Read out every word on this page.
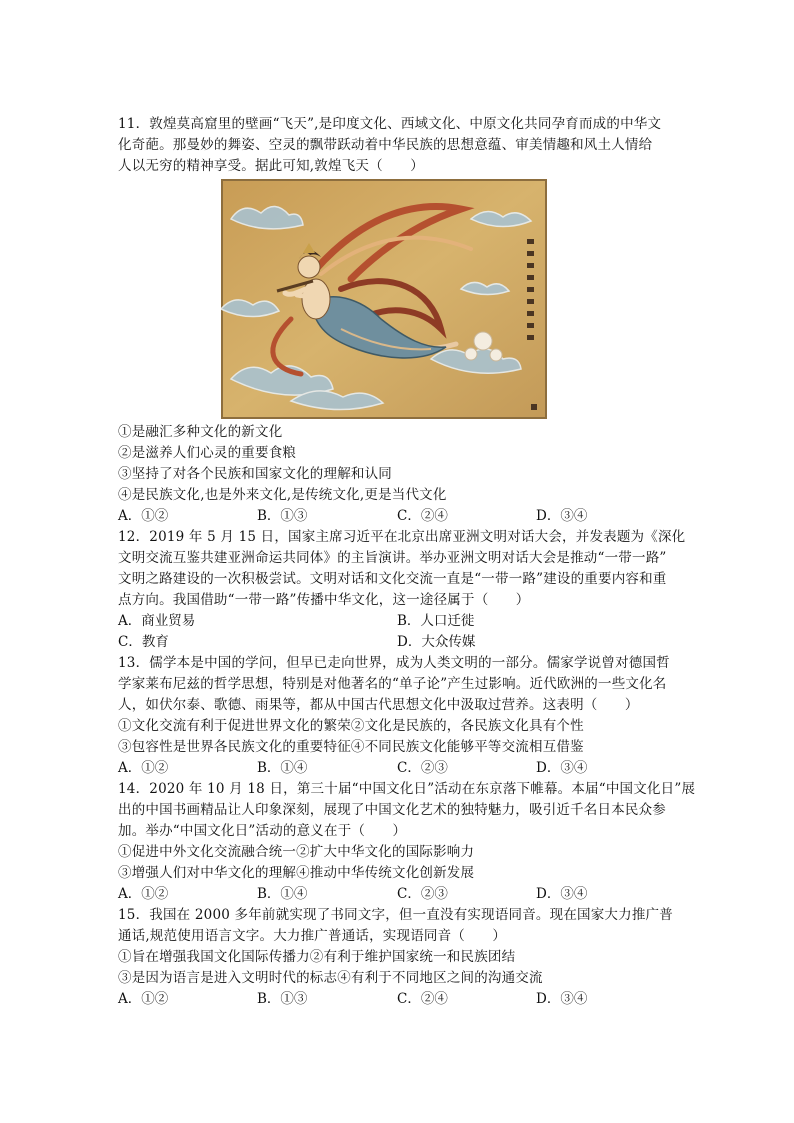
11．敦煌莫高窟里的壁画“飞天”,是印度文化、西域文化、中原文化共同孕育而成的中华文
化奇葩。那曼妙的舞姿、空灵的飘带跃动着中华民族的思想意蕴、审美情趣和风土人情给
人以无穷的精神享受。据此可知,敦煌飞天（　　）
①是融汇多种文化的新文化
②是滋养人们心灵的重要食粮
③坚持了对各个民族和国家文化的理解和认同
④是民族文化,也是外来文化,是传统文化,更是当代文化
A．①②	B．①③	C．②④	D．③④
12．2019 年 5 月 15 日，国家主席习近平在北京出席亚洲文明对话大会，并发表题为《深化
文明交流互鉴共建亚洲命运共同体》的主旨演讲。举办亚洲文明对话大会是推动“一带一路”
文明之路建设的一次积极尝试。文明对话和文化交流一直是“一带一路”建设的重要内容和重
点方向。我国借助“一带一路”传播中华文化，这一途径属于（　　）
A．商业贸易	B．人口迁徙
C．教育	D．大众传媒
13．儒学本是中国的学问，但早已走向世界，成为人类文明的一部分。儒家学说曾对德国哲
学家莱布尼兹的哲学思想，特别是对他著名的“单子论”产生过影响。近代欧洲的一些文化名
人，如伏尔泰、歌德、雨果等，都从中国古代思想文化中汲取过营养。这表明（　　）
①文化交流有利于促进世界文化的繁荣②文化是民族的，各民族文化具有个性
③包容性是世界各民族文化的重要特征④不同民族文化能够平等交流相互借鉴
A．①②	B．①④	C．②③	D．③④
14．2020 年 10 月 18 日，第三十届“中国文化日”活动在东京落下帷幕。本届“中国文化日”展
出的中国书画精品让人印象深刻，展现了中国文化艺术的独特魅力，吸引近千名日本民众参
加。举办“中国文化日”活动的意义在于（　　）
①促进中外文化交流融合统一②扩大中华文化的国际影响力
③增强人们对中华文化的理解④推动中华传统文化创新发展
A．①②	B．①④	C．②③	D．③④
15．我国在 2000 多年前就实现了书同文字，但一直没有实现语同音。现在国家大力推广普
通话,规范使用语言文字。大力推广普通话，实现语同音（　　）
①旨在增强我国文化国际传播力②有利于维护国家统一和民族团结
③是因为语言是进入文明时代的标志④有利于不同地区之间的沟通交流
A．①②	B．①③	C．②④	D．③④
